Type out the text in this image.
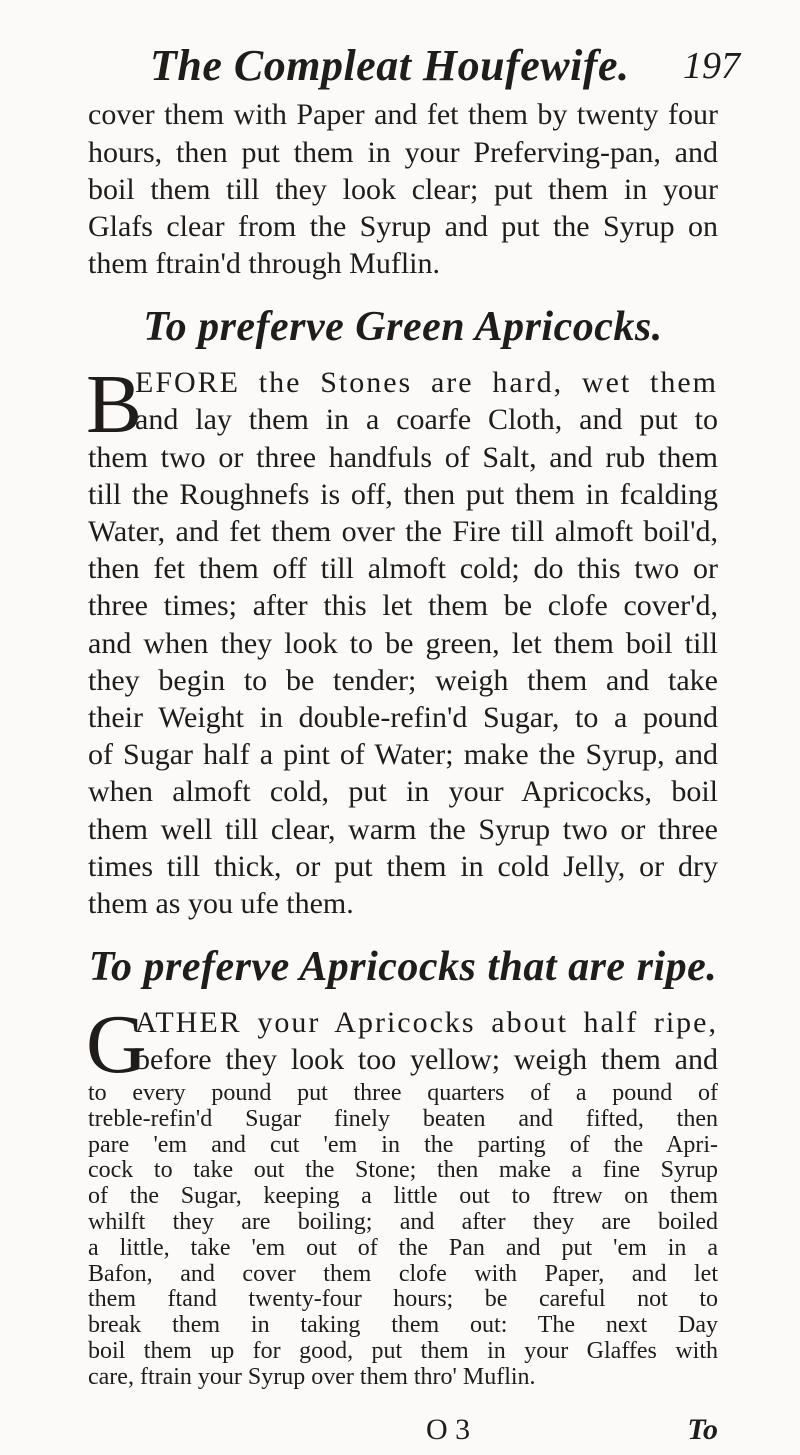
The Compleat Houfewife. 197
cover them with Paper and fet them by twenty four
hours, then put them in your Preferving-pan, and
boil them till they look clear; put them in your
Glafs clear from the Syrup and put the Syrup on
them ftrain'd through Muflin.
To preferve Green Apricocks.
B
EFORE the Stones are hard, wet them
and lay them in a coarfe Cloth, and put to
them two or three handfuls of Salt, and rub them
till the Roughnefs is off, then put them in fcalding
Water, and fet them over the Fire till almoft boil'd,
then fet them off till almoft cold; do this two or
three times; after this let them be clofe cover'd,
and when they look to be green, let them boil till
they begin to be tender; weigh them and take
their Weight in double-refin'd Sugar, to a pound
of Sugar half a pint of Water; make the Syrup, and
when almoft cold, put in your Apricocks, boil
them well till clear, warm the Syrup two or three
times till thick, or put them in cold Jelly, or dry
them as you ufe them.
To preferve Apricocks that are ripe.
G
ATHER your Apricocks about half ripe,
before they look too yellow; weigh them and
to every pound put three quarters of a pound of
treble-refin'd Sugar finely beaten and fifted, then
pare 'em and cut 'em in the parting of the Apri-
cock to take out the Stone; then make a fine Syrup
of the Sugar, keeping a little out to ftrew on them
whilft they are boiling; and after they are boiled
a little, take 'em out of the Pan and put 'em in a
Bafon, and cover them clofe with Paper, and let
them ftand twenty-four hours; be careful not to
break them in taking them out: The next Day
boil them up for good, put them in your Glaffes with
care, ftrain your Syrup over them thro' Muflin.
O 3	To
